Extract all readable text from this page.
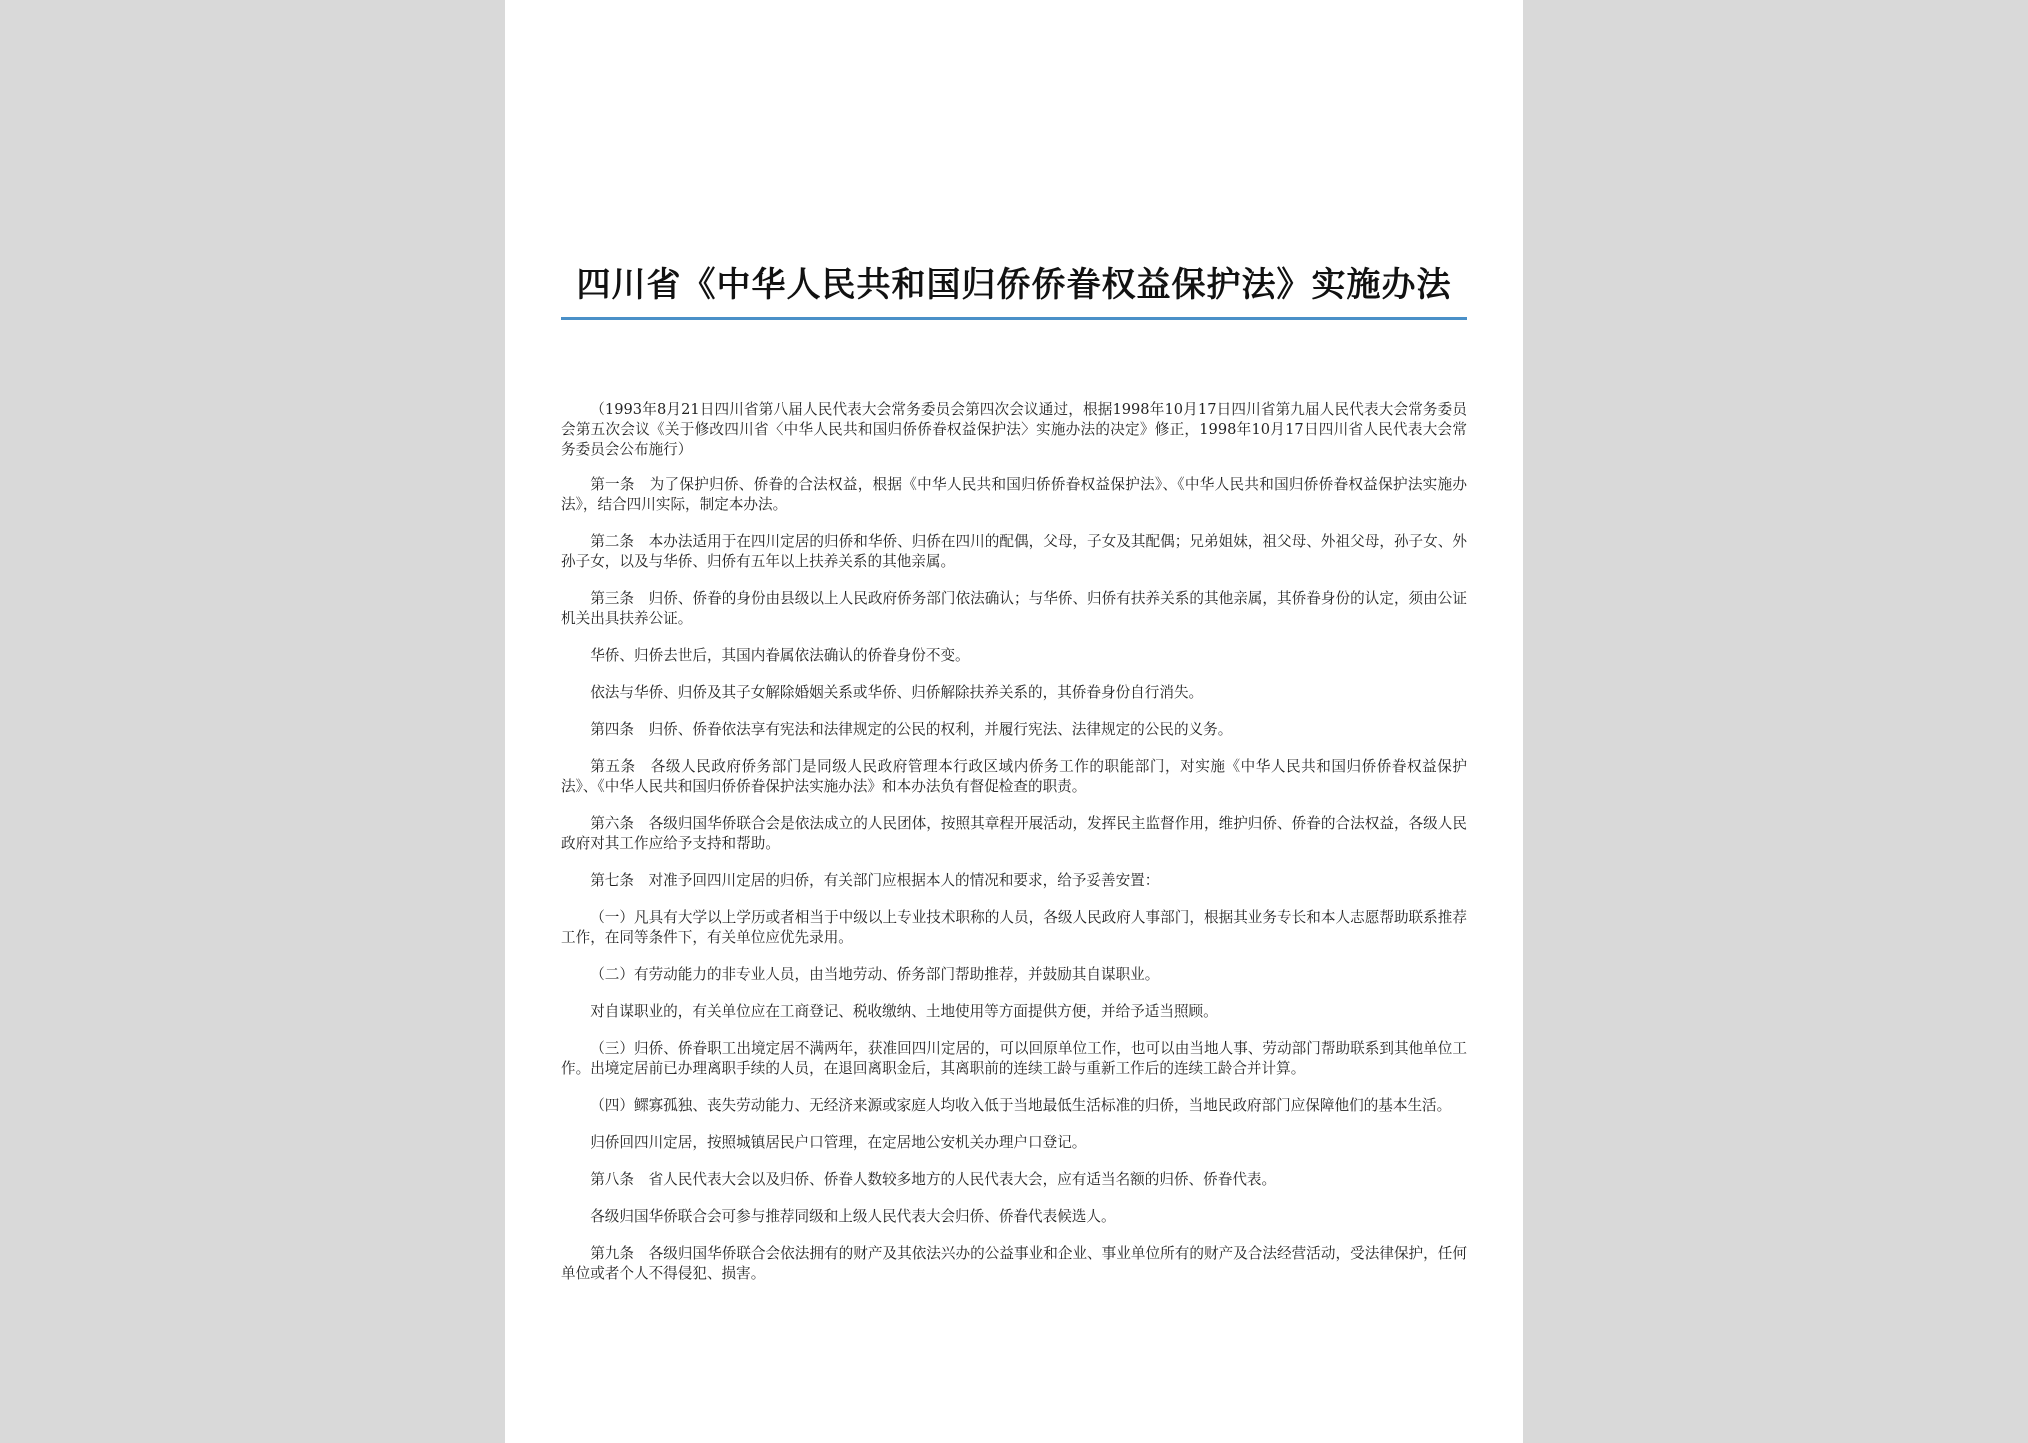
四川省《中华人民共和国归侨侨眷权益保护法》实施办法

（1993年8月21日四川省第八届人民代表大会常务委员会第四次会议通过，根据1998年10月17日四川省第九届人民代表大会常务委员会第五次会议《关于修改四川省〈中华人民共和国归侨侨眷权益保护法〉实施办法的决定》修正，1998年10月17日四川省人民代表大会常务委员会公布施行）

第一条　为了保护归侨、侨眷的合法权益，根据《中华人民共和国归侨侨眷权益保护法》、《中华人民共和国归侨侨眷权益保护法实施办法》，结合四川实际，制定本办法。

第二条　本办法适用于在四川定居的归侨和华侨、归侨在四川的配偶，父母，子女及其配偶；兄弟姐妹，祖父母、外祖父母，孙子女、外孙子女，以及与华侨、归侨有五年以上扶养关系的其他亲属。

第三条　归侨、侨眷的身份由县级以上人民政府侨务部门依法确认；与华侨、归侨有扶养关系的其他亲属，其侨眷身份的认定，须由公证机关出具扶养公证。

华侨、归侨去世后，其国内眷属依法确认的侨眷身份不变。

依法与华侨、归侨及其子女解除婚姻关系或华侨、归侨解除扶养关系的，其侨眷身份自行消失。

第四条　归侨、侨眷依法享有宪法和法律规定的公民的权利，并履行宪法、法律规定的公民的义务。

第五条　各级人民政府侨务部门是同级人民政府管理本行政区域内侨务工作的职能部门，对实施《中华人民共和国归侨侨眷权益保护法》、《中华人民共和国归侨侨眷保护法实施办法》和本办法负有督促检查的职责。

第六条　各级归国华侨联合会是依法成立的人民团体，按照其章程开展活动，发挥民主监督作用，维护归侨、侨眷的合法权益，各级人民政府对其工作应给予支持和帮助。

第七条　对准予回四川定居的归侨，有关部门应根据本人的情况和要求，给予妥善安置：

（一）凡具有大学以上学历或者相当于中级以上专业技术职称的人员，各级人民政府人事部门，根据其业务专长和本人志愿帮助联系推荐工作，在同等条件下，有关单位应优先录用。

（二）有劳动能力的非专业人员，由当地劳动、侨务部门帮助推荐，并鼓励其自谋职业。

对自谋职业的，有关单位应在工商登记、税收缴纳、土地使用等方面提供方便，并给予适当照顾。

（三）归侨、侨眷职工出境定居不满两年，获准回四川定居的，可以回原单位工作，也可以由当地人事、劳动部门帮助联系到其他单位工作。出境定居前已办理离职手续的人员，在退回离职金后，其离职前的连续工龄与重新工作后的连续工龄合并计算。

（四）鳏寡孤独、丧失劳动能力、无经济来源或家庭人均收入低于当地最低生活标准的归侨，当地民政府部门应保障他们的基本生活。

归侨回四川定居，按照城镇居民户口管理，在定居地公安机关办理户口登记。

第八条　省人民代表大会以及归侨、侨眷人数较多地方的人民代表大会，应有适当名额的归侨、侨眷代表。

各级归国华侨联合会可参与推荐同级和上级人民代表大会归侨、侨眷代表候选人。

第九条　各级归国华侨联合会依法拥有的财产及其依法兴办的公益事业和企业、事业单位所有的财产及合法经营活动，受法律保护，任何单位或者个人不得侵犯、损害。
